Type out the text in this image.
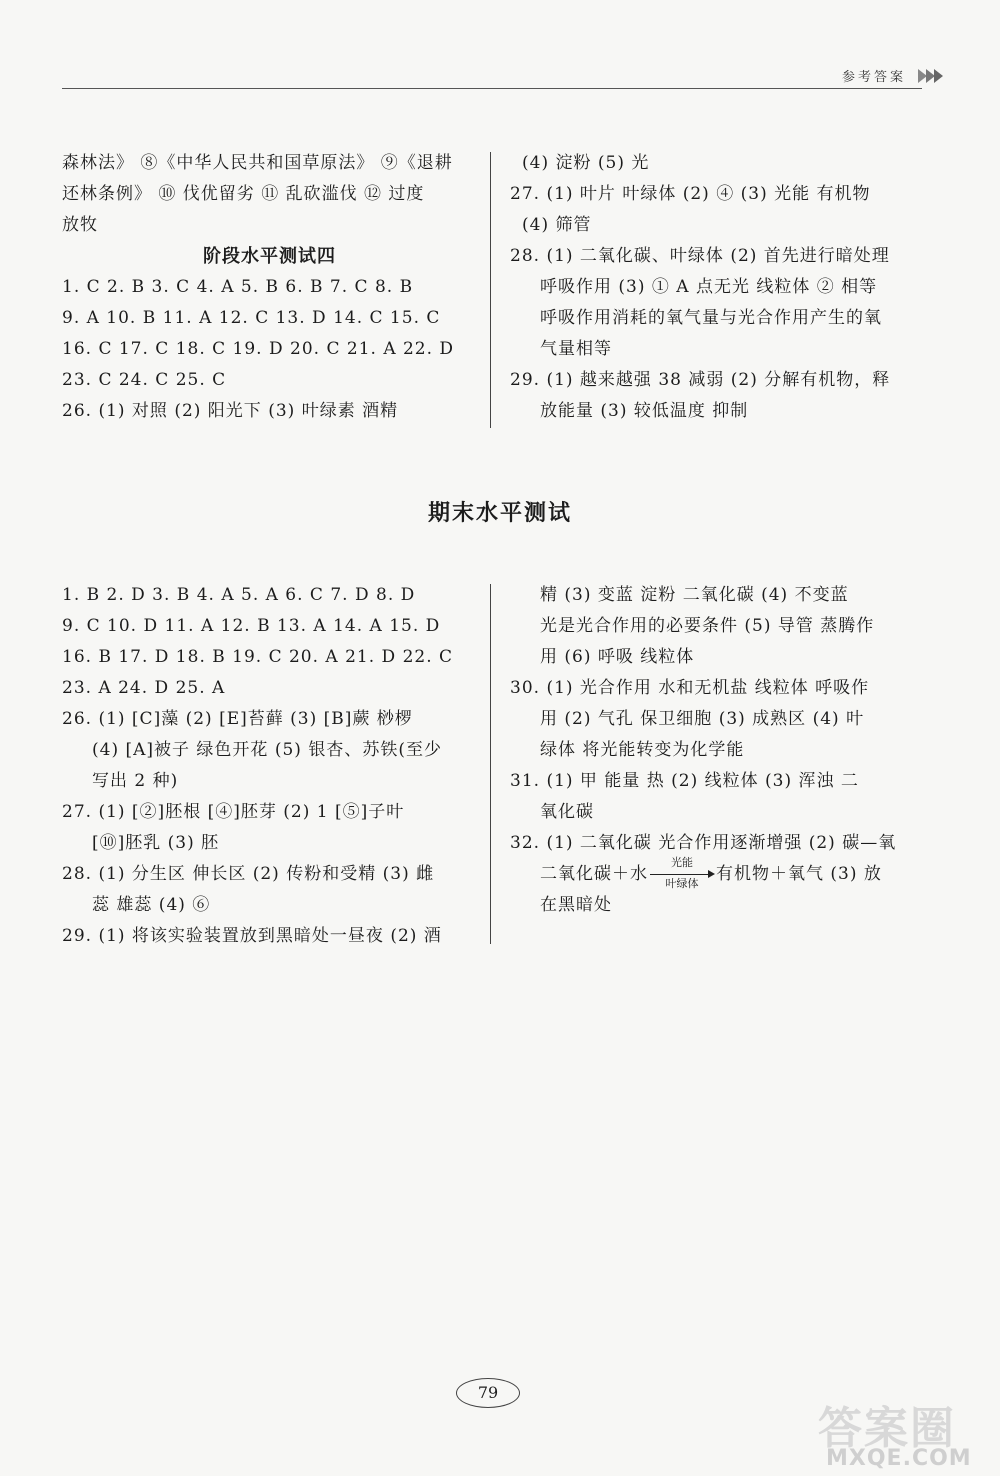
参考答案
森林法》 ⑧《中华人民共和国草原法》 ⑨《退耕
还林条例》 ⑩ 伐优留劣 ⑪ 乱砍滥伐 ⑫ 过度
放牧
阶段水平测试四
1. C 2. B 3. C 4. A 5. B 6. B 7. C 8. B
9. A 10. B 11. A 12. C 13. D 14. C 15. C
16. C 17. C 18. C 19. D 20. C 21. A 22. D
23. C 24. C 25. C
26. (1) 对照 (2) 阳光下 (3) 叶绿素 酒精
(4) 淀粉 (5) 光
27. (1) 叶片 叶绿体 (2) ④ (3) 光能 有机物
(4) 筛管
28. (1) 二氧化碳、叶绿体 (2) 首先进行暗处理
呼吸作用 (3) ① A 点无光 线粒体 ② 相等
呼吸作用消耗的氧气量与光合作用产生的氧
气量相等
29. (1) 越来越强 38 减弱 (2) 分解有机物，释
放能量 (3) 较低温度 抑制
期末水平测试
1. B 2. D 3. B 4. A 5. A 6. C 7. D 8. D
9. C 10. D 11. A 12. B 13. A 14. A 15. D
16. B 17. D 18. B 19. C 20. A 21. D 22. C
23. A 24. D 25. A
26. (1) [C]藻 (2) [E]苔藓 (3) [B]蕨 桫椤
(4) [A]被子 绿色开花 (5) 银杏、苏铁(至少
写出 2 种)
27. (1) [②]胚根 [④]胚芽 (2) 1 [⑤]子叶
[⑩]胚乳 (3) 胚
28. (1) 分生区 伸长区 (2) 传粉和受精 (3) 雌
蕊 雄蕊 (4) ⑥
29. (1) 将该实验装置放到黑暗处一昼夜 (2) 酒
精 (3) 变蓝 淀粉 二氧化碳 (4) 不变蓝
光是光合作用的必要条件 (5) 导管 蒸腾作
用 (6) 呼吸 线粒体
30. (1) 光合作用 水和无机盐 线粒体 呼吸作
用 (2) 气孔 保卫细胞 (3) 成熟区 (4) 叶
绿体 将光能转变为化学能
31. (1) 甲 能量 热 (2) 线粒体 (3) 浑浊 二
氧化碳
32. (1) 二氧化碳 光合作用逐渐增强 (2) 碳—氧
二氧化碳＋水
光能
叶绿体	有机物＋氧气 (3) 放
在黑暗处
79
答案圈
MXQE.COM
